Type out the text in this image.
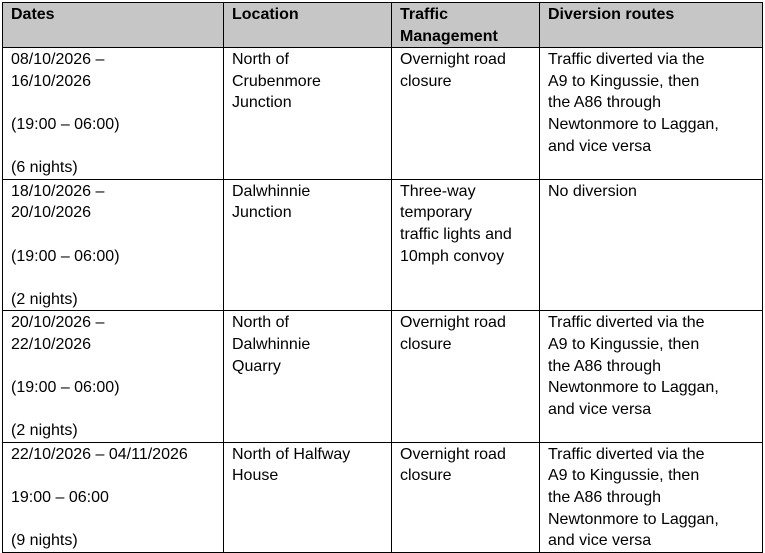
Dates	Location	Traffic
Management	Diversion routes

08/10/2026 –
16/10/2026
(19:00 – 06:00)
(6 nights)	North of
Crubenmore
Junction	Overnight road
closure	Traffic diverted via the
A9 to Kingussie, then
the A86 through
Newtonmore to Laggan,
and vice versa

18/10/2026 –
20/10/2026
(19:00 – 06:00)
(2 nights)	Dalwhinnie
Junction	Three-way
temporary
traffic lights and
10mph convoy	No diversion

20/10/2026 –
22/10/2026
(19:00 – 06:00)
(2 nights)	North of
Dalwhinnie
Quarry	Overnight road
closure	Traffic diverted via the
A9 to Kingussie, then
the A86 through
Newtonmore to Laggan,
and vice versa

22/10/2026 – 04/11/2026
19:00 – 06:00
(9 nights)	North of Halfway
House	Overnight road
closure	Traffic diverted via the
A9 to Kingussie, then
the A86 through
Newtonmore to Laggan,
and vice versa
